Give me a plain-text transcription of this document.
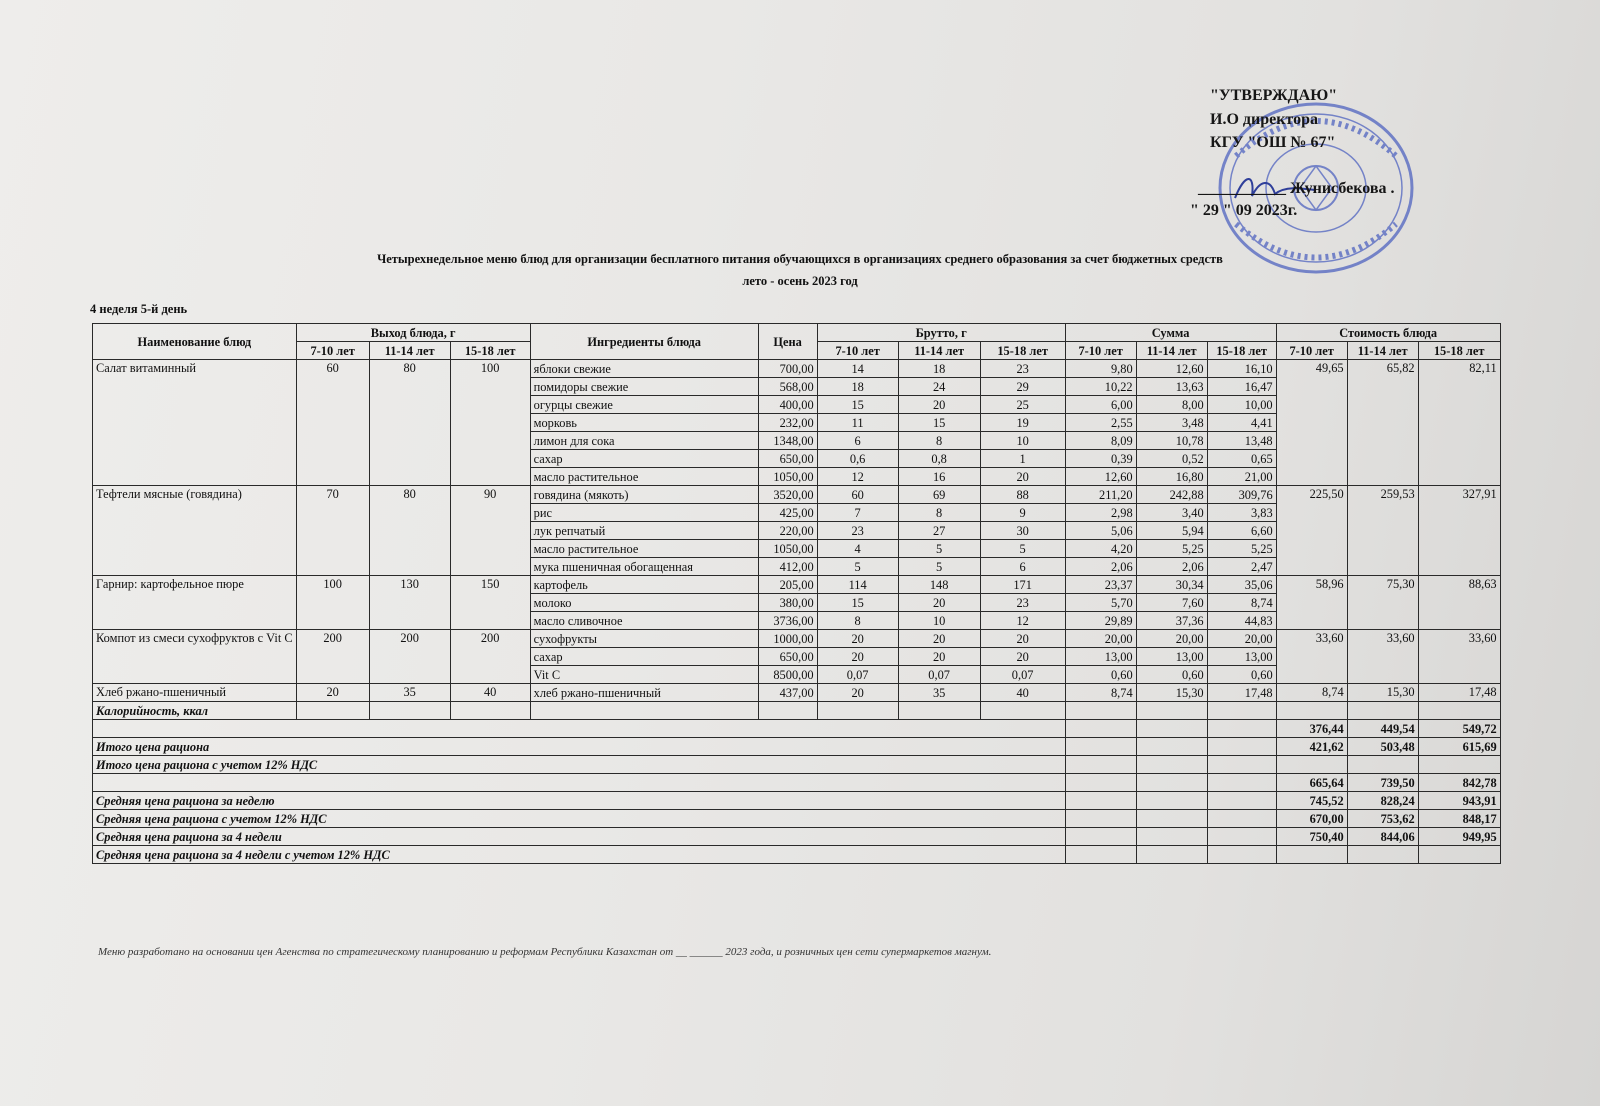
"УТВЕРЖДАЮ"
И.О директора
КГУ "ОШ № 67"
___________ Жунисбекова .
" 29 " 09 2023г.
Четырехнедельное меню блюд для организации бесплатного питания обучающихся в организациях среднего образования за счет бюджетных средств
лето - осень 2023 год
4 неделя 5-й день
Наименование блюд	Выход блюда, г			Ингредиенты блюда	Цена	Брутто, г			Сумма			Стоимость блюда		
	7-10 лет	11-14 лет	15-18 лет			7-10 лет	11-14 лет	15-18 лет	7-10 лет	11-14 лет	15-18 лет	7-10 лет	11-14 лет	15-18 лет
Салат витаминный	60	80	100	яблоки свежие	700,00	14	18	23	9,80	12,60	16,10	49,65	65,82	82,11
				помидоры свежие	568,00	18	24	29	10,22	13,63	16,47			
				огурцы свежие	400,00	15	20	25	6,00	8,00	10,00			
				морковь	232,00	11	15	19	2,55	3,48	4,41			
				лимон для сока	1348,00	6	8	10	8,09	10,78	13,48			
				сахар	650,00	0,6	0,8	1	0,39	0,52	0,65			
				масло растительное	1050,00	12	16	20	12,60	16,80	21,00			
Тефтели мясные (говядина)	70	80	90	говядина (мякоть)	3520,00	60	69	88	211,20	242,88	309,76	225,50	259,53	327,91
				рис	425,00	7	8	9	2,98	3,40	3,83			
				лук репчатый	220,00	23	27	30	5,06	5,94	6,60			
				масло растительное	1050,00	4	5	5	4,20	5,25	5,25			
				мука пшеничная обогащенная	412,00	5	5	6	2,06	2,06	2,47			
Гарнир: картофельное пюре	100	130	150	картофель	205,00	114	148	171	23,37	30,34	35,06	58,96	75,30	88,63
				молоко	380,00	15	20	23	5,70	7,60	8,74			
				масло сливочное	3736,00	8	10	12	29,89	37,36	44,83			
Компот из смеси сухофруктов с Vit C	200	200	200	сухофрукты	1000,00	20	20	20	20,00	20,00	20,00	33,60	33,60	33,60
				сахар	650,00	20	20	20	13,00	13,00	13,00			
				Vit C	8500,00	0,07	0,07	0,07	0,60	0,60	0,60			
Хлеб ржано-пшеничный	20	35	40	хлеб ржано-пшеничный	437,00	20	35	40	8,74	15,30	17,48	8,74	15,30	17,48
Калорийность, ккал														
												376,44	449,54	549,72
Итого цена рациона												421,62	503,48	615,69
Итого цена рациона с учетом 12% НДС														
												665,64	739,50	842,78
Средняя цена рациона за неделю												745,52	828,24	943,91
Средняя цена рациона с учетом 12% НДС												670,00	753,62	848,17
Средняя цена рациона за 4 недели												750,40	844,06	949,95
Средняя цена рациона за 4 недели с учетом 12% НДС														
Меню разработано на основании цен Агенства по стратегическому планированию и реформам Республики Казахстан от __ ______ 2023 года, и розничных цен сети супермаркетов магнум.
